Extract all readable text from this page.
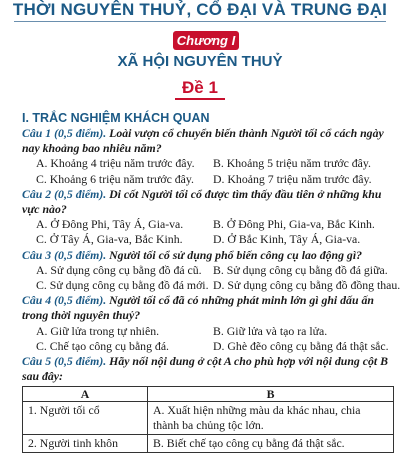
THỜI NGUYÊN THUỶ, CỔ ĐẠI VÀ TRUNG ĐẠI
Chương I
XÃ HỘI NGUYÊN THUỶ
Đề 1
I. TRẮC NGHIỆM KHÁCH QUAN

Câu 1 (0,5 điểm). Loài vượn cổ chuyển biến thành Người tối cổ cách ngày nay khoảng bao nhiêu năm?

A. Khoảng 4 triệu năm trước đây.	B. Khoảng 5 triệu năm trước đây.
C. Khoảng 6 triệu năm trước đây.	D. Khoảng 7 triệu năm trước đây.

Câu 2 (0,5 điểm). Di cốt Người tối cổ được tìm thấy đầu tiên ở những khu vực nào?

A. Ở Đông Phi, Tây Á, Gia-va.	B. Ở Đông Phi, Gia-va, Bắc Kinh.
C. Ở Tây Á, Gia-va, Bắc Kinh.	D. Ở Bắc Kinh, Tây Á, Gia-va.

Câu 3 (0,5 điểm). Người tối cổ sử dụng phổ biến công cụ lao động gì?

A. Sử dụng công cụ bằng đồ đá cũ. B. Sử dụng công cụ bằng đồ đá giữa.
C. Sử dụng công cụ bằng đồ đá mới. D. Sử dụng công cụ bằng đồ đồng thau.

Câu 4 (0,5 điểm). Người tối cổ đã có những phát minh lớn gì ghi dấu ấn trong thời nguyên thuỷ?

A. Giữ lửa trong tự nhiên.	B. Giữ lửa và tạo ra lửa.
C. Chế tạo công cụ bằng đá.	D. Ghè đẽo công cụ bằng đá thật sắc.

Câu 5 (0,5 điểm). Hãy nối nội dung ở cột A cho phù hợp với nội dung cột B sau đây:

A	B
1. Người tối cổ	A. Xuất hiện những màu da khác nhau, chia thành ba chủng tộc lớn.
2. Người tinh khôn	B. Biết chế tạo công cụ bằng đá thật sắc.
